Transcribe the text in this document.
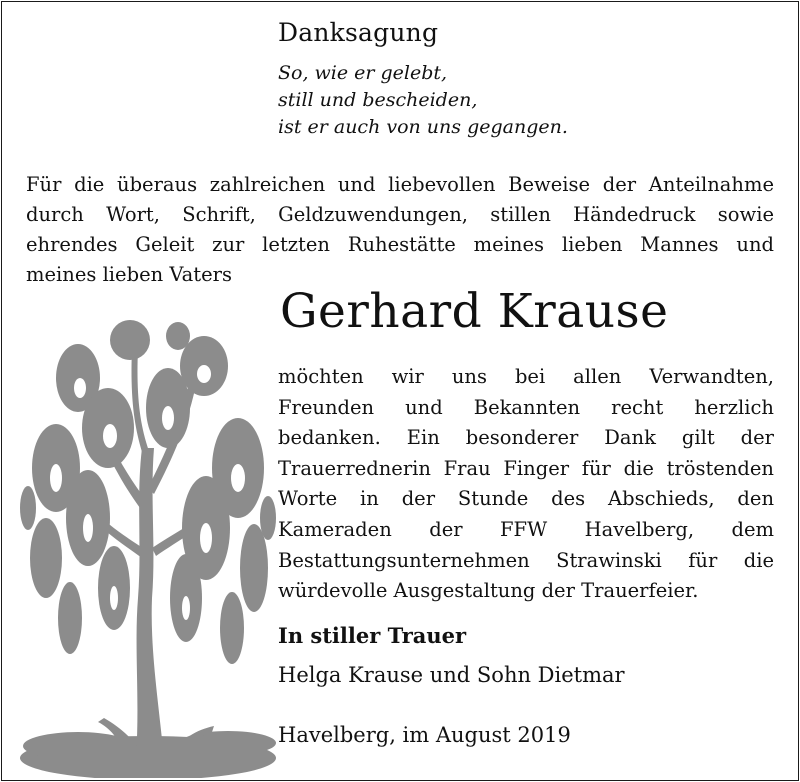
Danksagung
So, wie er gelebt,
still und bescheiden,
ist er auch von uns gegangen.
Für die überaus zahlreichen und liebevollen Beweise der Anteilnahme
durch Wort, Schrift, Geldzuwendungen, stillen Händedruck sowie
ehrendes Geleit zur letzten Ruhestätte meines lieben Mannes und
meines lieben Vaters
Gerhard Krause
möchten wir uns bei allen Verwandten,
Freunden und Bekannten recht herzlich
bedanken. Ein besonderer Dank gilt der
Trauerrednerin Frau Finger für die tröstenden
Worte in der Stunde des Abschieds, den
Kameraden der FFW Havelberg, dem
Bestattungsunternehmen Strawinski für die
würdevolle Ausgestaltung der Trauerfeier.
In stiller Trauer
Helga Krause und Sohn Dietmar
Havelberg, im August 2019
